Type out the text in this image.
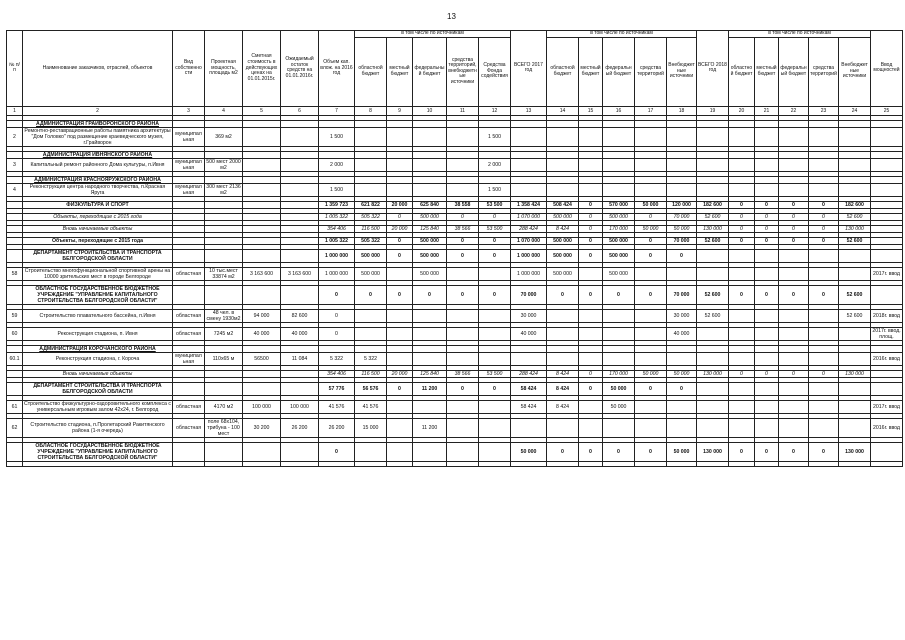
13
№ п/п	Наименование заказчиков, отраслей, объектов	Вид собственности	Проектная мощность, площадь м2	Сметная стоимость в действующих ценах на 01.01.2015г.	Ожидаемый остаток средств на 01.01.2016г.	Объем кап. влож. на 2016 год	в том числе по источникам					ВСЕГО 2017 год	в том числе по источникам					ВСЕГО 2018 год	в том числе по источникам					Ввод мощностей
							областной бюджет	местный бюджет	федеральный бюджет	средства территорий, внебюджетные источники	Средства Фонда содействия		областной бюджет	местный бюджет	федеральный бюджет	средства территорий	Внебюджетные источники		областной бюджет	местный бюджет	федеральный бюджет	средства территорий	Внебюджетные источники	
1	2	3	4	5	6	7	8	9	10	11	12	13	14	15	16	17	18	19	20	21	22	23	24	25

	АДМИНИСТРАЦИЯ ГРАЙВОРОНСКОГО РАЙОНА																							
2	Ремонтно-реставрационные работы памятника архитектуры "Дом Головко" под размещение краеведческого музея, г.Грайворон	муниципальная	369 м2			1 500					1 500													

	АДМИНИСТРАЦИЯ ИВНЯНСКОГО РАЙОНА																							
3	Капитальный ремонт районного Дома культуры, п.Ивня	муниципальная	500 мест 2000 м2			2 000					2 000													

	АДМИНИСТРАЦИЯ КРАСНОЯРУЖСКОГО РАЙОНА																							
4	Реконструкция центра народного творчества, п.Красная Яруга	муниципальная	300 мест 2136 м2			1 500					1 500													

	ФИЗКУЛЬТУРА И СПОРТ					1 359 723	621 822	20 000	625 840	38 558	53 500	1 358 424	508 424	0	570 000	50 000	120 000	182 600	0	0	0	0	182 600	

	Объекты, переходящие с 2015 года					1 005 322	505 322	0	500 000	0	0	1 070 000	500 000	0	500 000	0	70 000	52 600	0	0	0	0	52 600	

	Вновь начинаемые объекты					354 406	116 500	20 000	125 840	38 566	53 500	288 424	8 424	0	170 000	50 000	50 000	130 000	0	0	0	0	130 000	

	Объекты, переходящие с 2015 года					1 005 322	505 322	0	500 000	0	0	1 070 000	500 000	0	500 000	0	70 000	52 600	0	0	0	0	52 600	

	ДЕПАРТАМЕНТ СТРОИТЕЛЬСТВА И ТРАНСПОРТА БЕЛГОРОДСКОЙ ОБЛАСТИ					1 000 000	500 000	0	500 000	0	0	1 000 000	500 000	0	500 000	0	0							

58	Строительство многофункциональной спортивной арены на 10000 зрительских мест в городе Белгороде	областная	10 тыс.мест 33874 м2	3 163 600	3 163 600	1 000 000	500 000		500 000			1 000 000	500 000		500 000									2017г. ввод

	ОБЛАСТНОЕ ГОСУДАРСТВЕННОЕ БЮДЖЕТНОЕ УЧРЕЖДЕНИЕ "УПРАВЛЕНИЕ КАПИТАЛЬНОГО СТРОИТЕЛЬСТВА БЕЛГОРОДСКОЙ ОБЛАСТИ"					0	0	0	0	0	0	70 000	0	0	0	0	70 000	52 600	0	0	0	0	52 600	

59	Строительство плавательного бассейна, п.Ивня	областная	48 чел. в смену 1930м2	94 000	82 600	0						30 000					30 000	52 600					52 600	2018г. ввод

60	Реконструкция стадиона, п. Ивня	областная	7245 м2	40 000	40 000	0						40 000					40 000							2017г. ввод. площ.

	АДМИНИСТРАЦИЯ КОРОЧАНСКОГО РАЙОНА																							
60.1	Реконструкция стадиона, г. Короча	муниципальная	110х65 м	56500	11 084	5 322	5 322																	2016г. ввод

	Вновь начинаемые объекты					354 406	116 500	20 000	125 840	38 566	53 500	288 424	8 424	0	170 000	50 000	50 000	130 000	0	0	0	0	130 000	

	ДЕПАРТАМЕНТ СТРОИТЕЛЬСТВА И ТРАНСПОРТА БЕЛГОРОДСКОЙ ОБЛАСТИ					57 776	56 576	0	11 200	0	0	58 424	8 424	0	50 000	0	0							

61	Строительство физкультурно-оздоровительного комплекса с универсальным игровым залом 42х24, г. Белгород	областная	4170 м2	100 000	100 000	41 576	41 576					58 424	8 424		50 000									2017г. ввод

62	Строительство стадиона, п.Пролетарский Ракитянского района (1-я очередь)	областная	поле 68х104, трибуна - 100 мест	30 200	26 200	26 200	15 000		11 200															2016г. ввод

	ОБЛАСТНОЕ ГОСУДАРСТВЕННОЕ БЮДЖЕТНОЕ УЧРЕЖДЕНИЕ "УПРАВЛЕНИЕ КАПИТАЛЬНОГО СТРОИТЕЛЬСТВА БЕЛГОРОДСКОЙ ОБЛАСТИ"					0						50 000	0	0	0	0	50 000	130 000	0	0	0	0	130 000	
